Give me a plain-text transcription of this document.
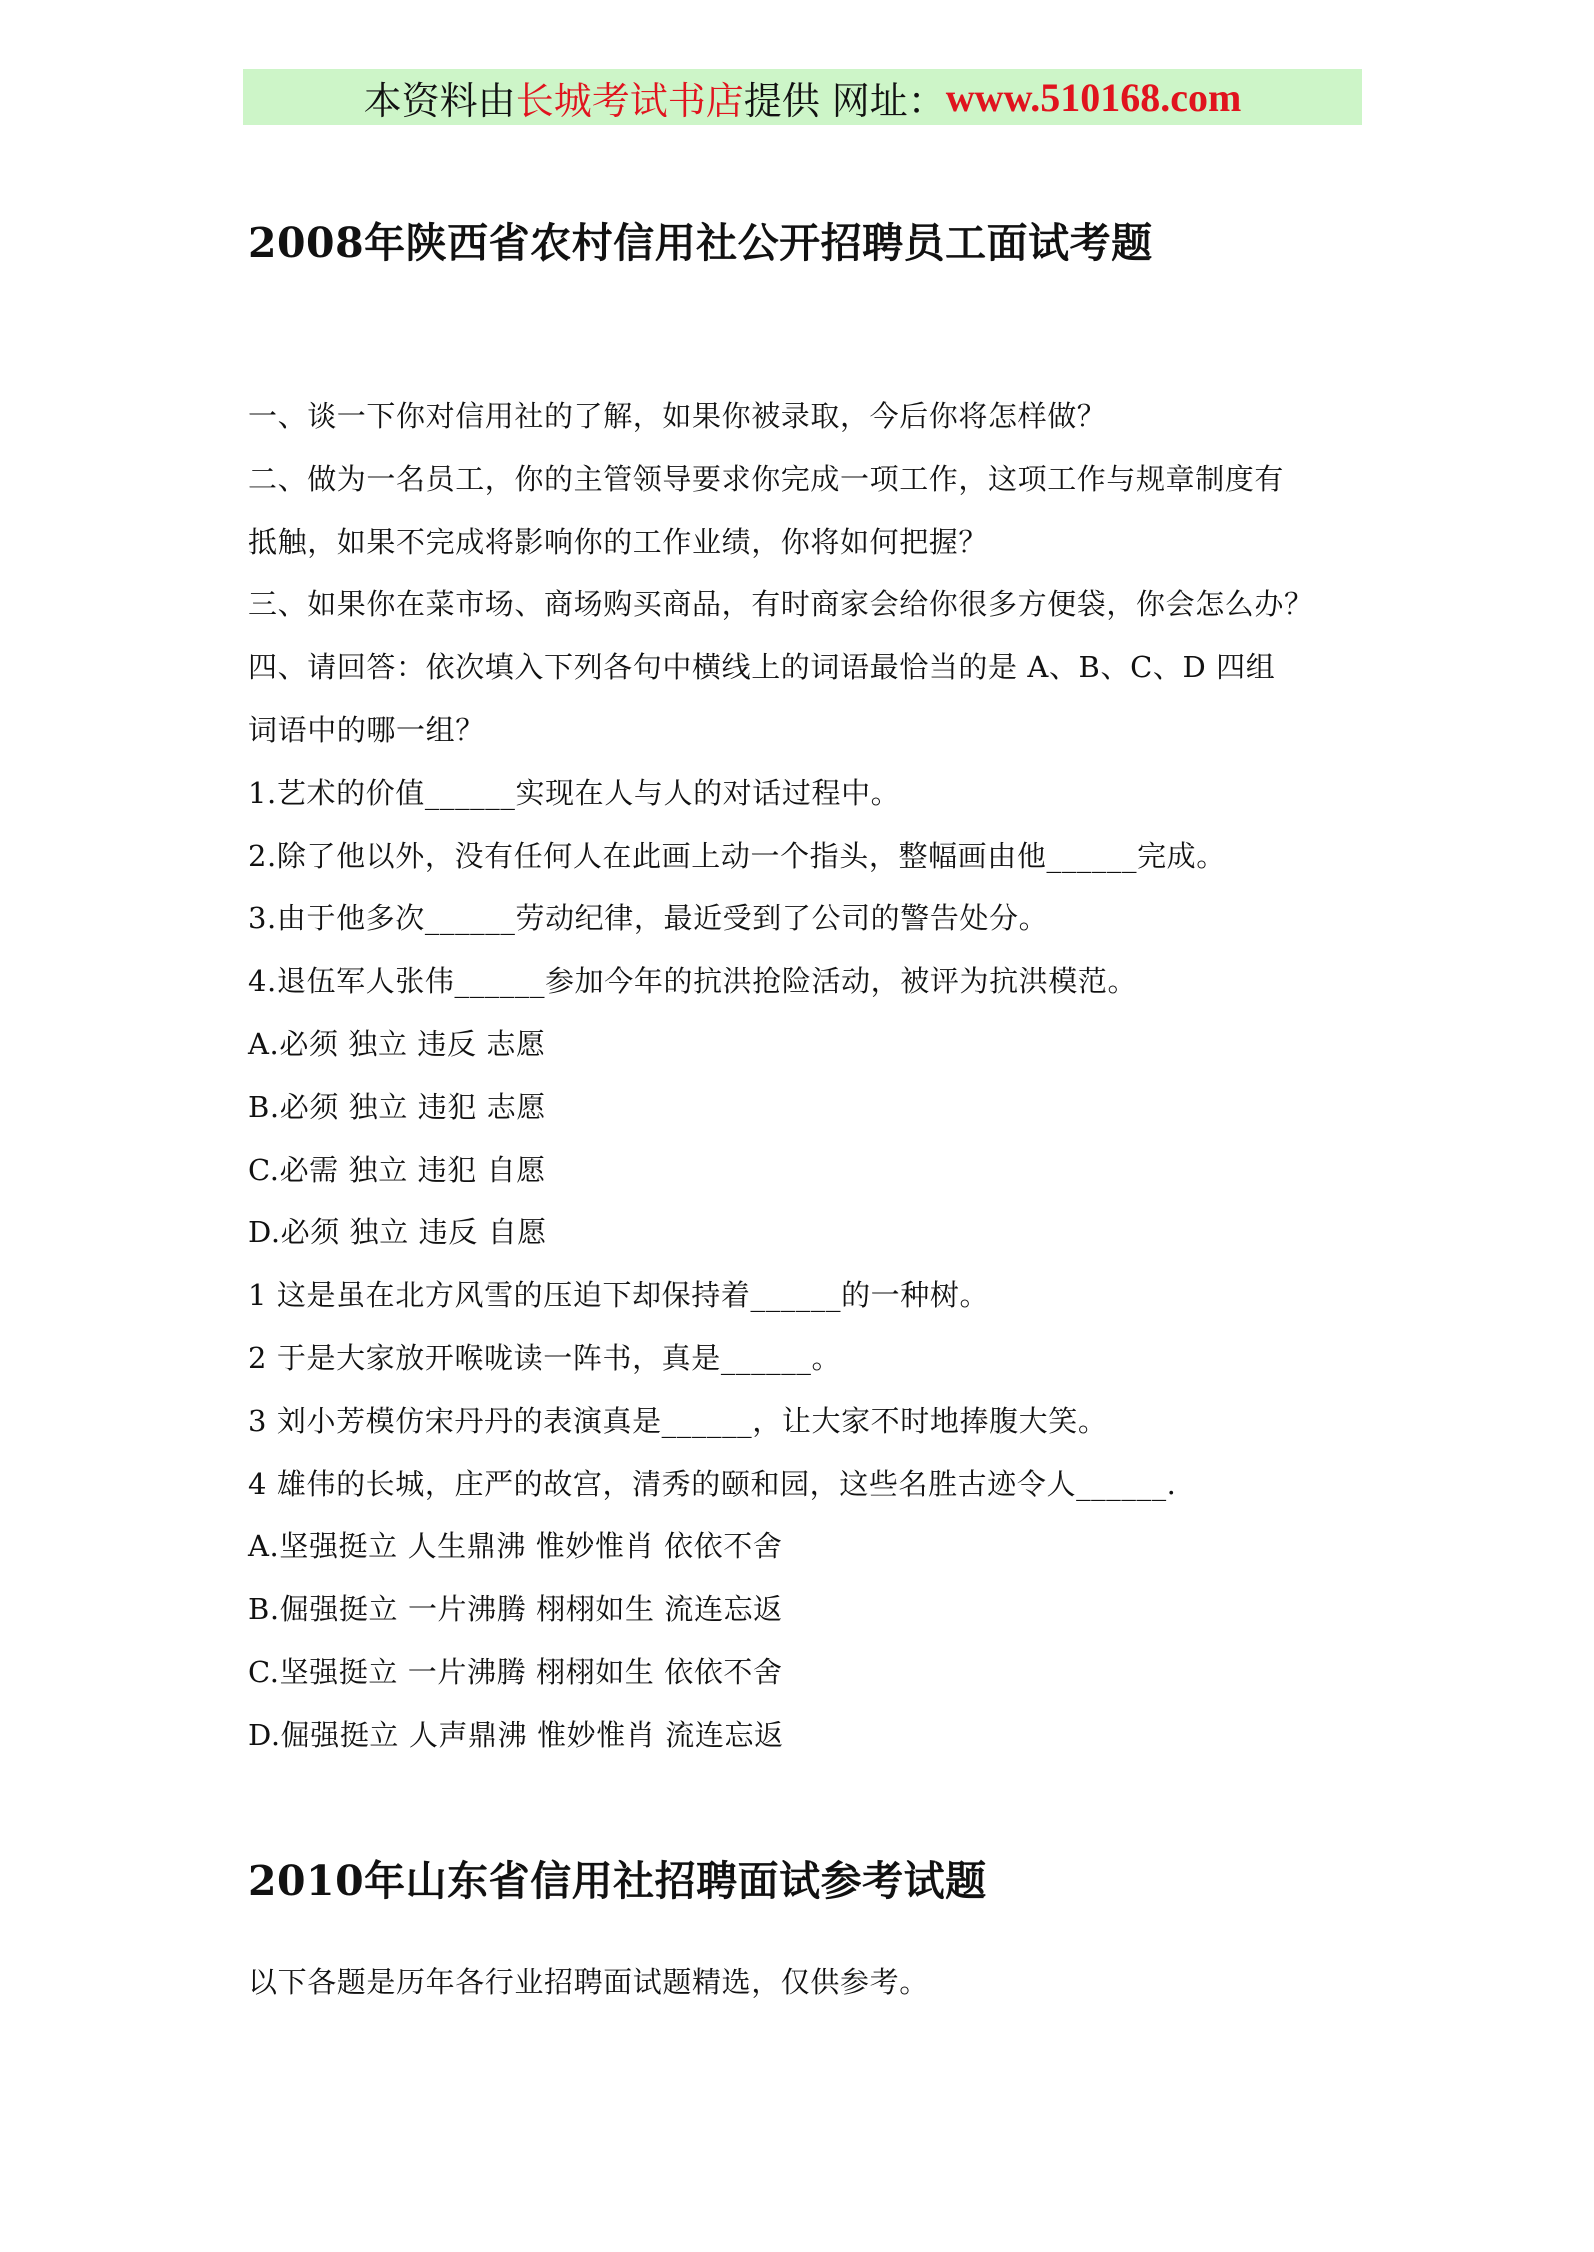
本资料由 长城考试书店 提供 网址： www.510168.com
2008年陕西省农村信用社公开招聘员工面试考题
一、谈一下你对信用社的了解，如果你被录取，今后你将怎样做？
二、做为一名员工，你的主管领导要求你完成一项工作，这项工作与规章制度有
抵触，如果不完成将影响你的工作业绩，你将如何把握？
三、如果你在菜市场、商场购买商品，有时商家会给你很多方便袋，你会怎么办？
四、请回答：依次填入下列各句中横线上的词语最恰当的是 A、B、C、D 四组
词语中的哪一组？
1.艺术的价值______实现在人与人的对话过程中。
2.除了他以外，没有任何人在此画上动一个指头，整幅画由他______完成。
3.由于他多次______劳动纪律，最近受到了公司的警告处分。
4.退伍军人张伟______参加今年的抗洪抢险活动，被评为抗洪模范。
A.必须 独立 违反 志愿
B.必须 独立 违犯 志愿
C.必需 独立 违犯 自愿
D.必须 独立 违反 自愿
1 这是虽在北方风雪的压迫下却保持着______的一种树。
2 于是大家放开喉咙读一阵书，真是______。
3 刘小芳模仿宋丹丹的表演真是______，让大家不时地捧腹大笑。
4 雄伟的长城，庄严的故宫，清秀的颐和园，这些名胜古迹令人______.
A.坚强挺立 人生鼎沸 惟妙惟肖 依依不舍
B.倔强挺立 一片沸腾 栩栩如生 流连忘返
C.坚强挺立 一片沸腾 栩栩如生 依依不舍
D.倔强挺立 人声鼎沸 惟妙惟肖 流连忘返
2010年山东省信用社招聘面试参考试题
以下各题是历年各行业招聘面试题精选，仅供参考。
